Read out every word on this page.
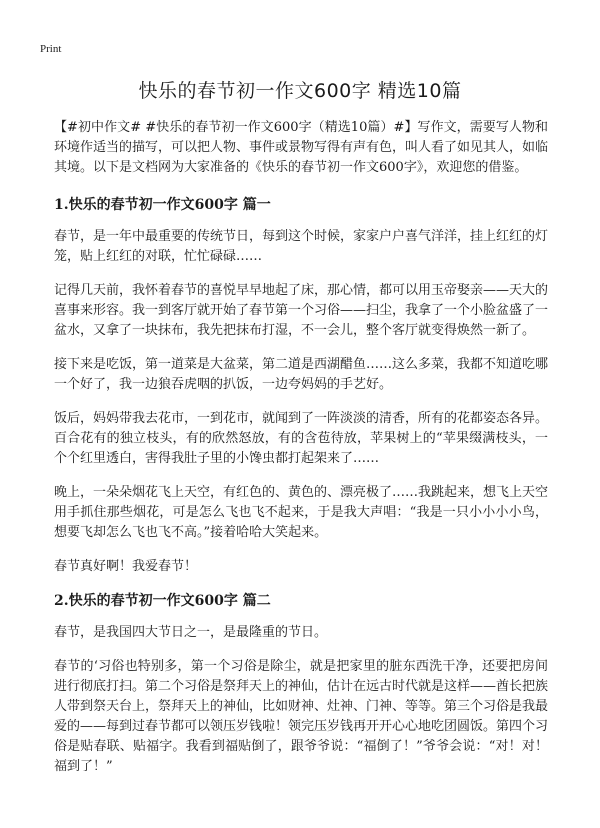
Print
快乐的春节初一作文600字 精选10篇

【#初中作文# #快乐的春节初一作文600字（精选10篇）#】写作文，需要写人物和环境作适当的描写，可以把人物、事件或景物写得有声有色，叫人看了如见其人，如临其境。以下是文档网为大家准备的《快乐的春节初一作文600字》，欢迎您的借鉴。

1.快乐的春节初一作文600字 篇一

春节，是一年中最重要的传统节日，每到这个时候，家家户户喜气洋洋，挂上红红的灯笼，贴上红红的对联，忙忙碌碌……

记得几天前，我怀着春节的喜悦早早地起了床，那心情，都可以用玉帝娶亲——天大的喜事来形容。我一到客厅就开始了春节第一个习俗——扫尘，我拿了一个小脸盆盛了一盆水，又拿了一块抹布，我先把抹布打湿，不一会儿，整个客厅就变得焕然一新了。

接下来是吃饭，第一道菜是大盆菜，第二道是西湖醋鱼……这么多菜，我都不知道吃哪一个好了，我一边狼吞虎咽的扒饭，一边夸妈妈的手艺好。

饭后，妈妈带我去花市，一到花市，就闻到了一阵淡淡的清香，所有的花都姿态各异。百合花有的独立枝头，有的欣然怒放，有的含苞待放，苹果树上的“苹果缀满枝头，一个个红里透白，害得我肚子里的小馋虫都打起架来了……

晚上，一朵朵烟花飞上天空，有红色的、黄色的、漂亮极了……我跳起来，想飞上天空用手抓住那些烟花，可是怎么飞也飞不起来，于是我大声唱：“我是一只小小小小鸟，想要飞却怎么飞也飞不高。”接着哈哈大笑起来。

春节真好啊！我爱春节！

2.快乐的春节初一作文600字 篇二

春节，是我国四大节日之一，是最隆重的节日。

春节的‘习俗也特别多，第一个习俗是除尘，就是把家里的脏东西洗干净，还要把房间进行彻底打扫。第二个习俗是祭拜天上的神仙，估计在远古时代就是这样——酋长把族人带到祭天台上，祭拜天上的神仙，比如财神、灶神、门神、等等。第三个习俗是我最爱的——每到过春节都可以领压岁钱啦！领完压岁钱再开开心心地吃团圆饭。第四个习俗是贴春联、贴福字。我看到福贴倒了，跟爷爷说：“福倒了！”爷爷会说：“对！对！福到了！”
